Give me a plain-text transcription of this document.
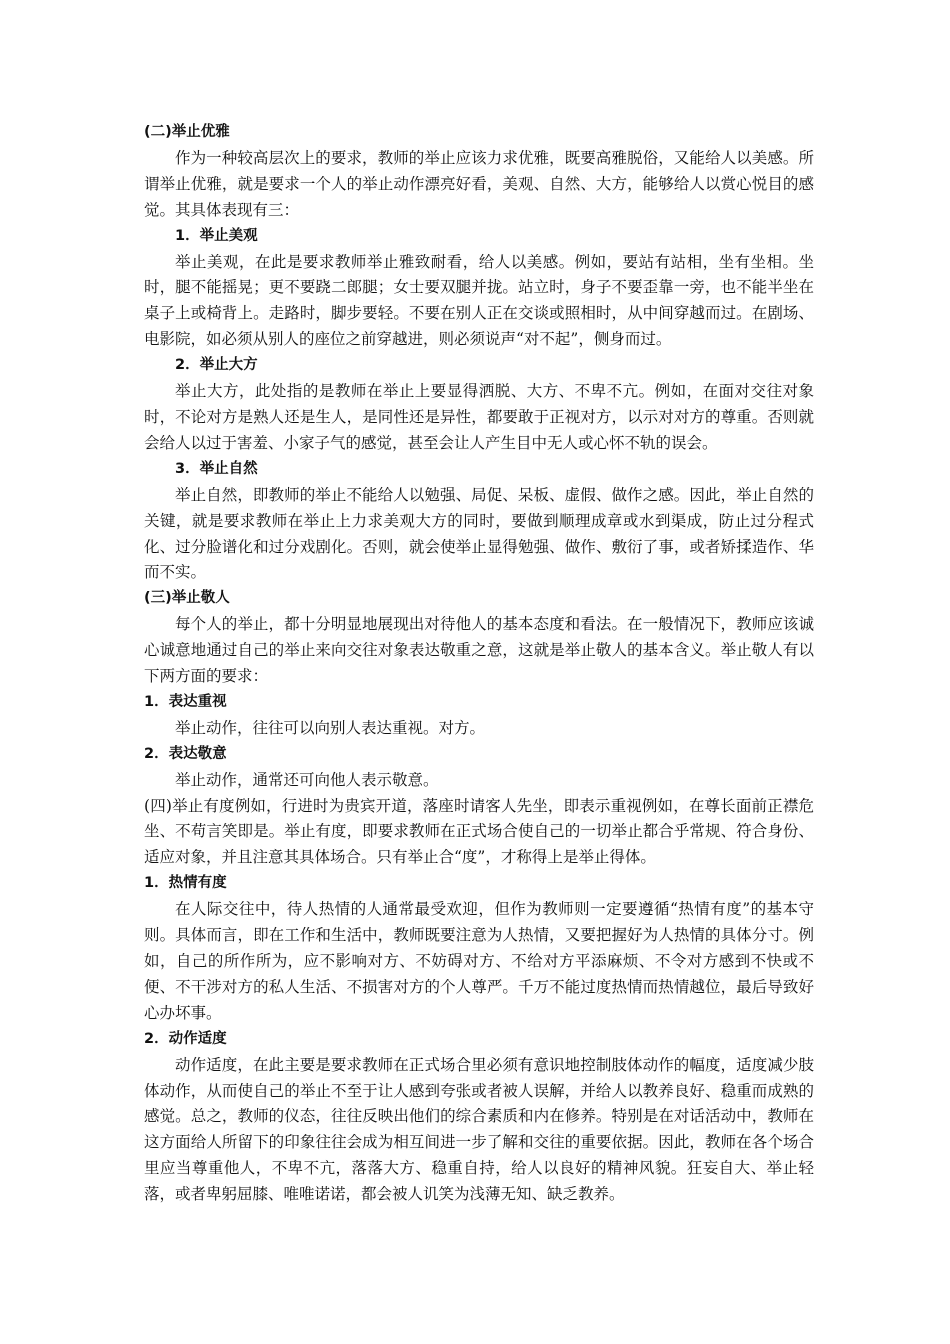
(二)举止优雅

作为一种较高层次上的要求，教师的举止应该力求优雅，既要高雅脱俗，又能给人以美感。所谓举止优雅，就是要求一个人的举止动作漂亮好看，美观、自然、大方，能够给人以赏心悦目的感觉。其具体表现有三：

1．举止美观

举止美观，在此是要求教师举止雅致耐看，给人以美感。例如，要站有站相，坐有坐相。坐时，腿不能摇晃；更不要跷二郎腿；女士要双腿并拢。站立时，身子不要歪靠一旁，也不能半坐在桌子上或椅背上。走路时，脚步要轻。不要在别人正在交谈或照相时，从中间穿越而过。在剧场、电影院，如必须从别人的座位之前穿越进，则必须说声“对不起”，侧身而过。

2．举止大方

举止大方，此处指的是教师在举止上要显得洒脱、大方、不卑不亢。例如，在面对交往对象时，不论对方是熟人还是生人，是同性还是异性，都要敢于正视对方，以示对对方的尊重。否则就会给人以过于害羞、小家子气的感觉，甚至会让人产生目中无人或心怀不轨的误会。

3．举止自然

举止自然，即教师的举止不能给人以勉强、局促、呆板、虚假、做作之感。因此，举止自然的关键，就是要求教师在举止上力求美观大方的同时，要做到顺理成章或水到渠成，防止过分程式化、过分脸谱化和过分戏剧化。否则，就会使举止显得勉强、做作、敷衍了事，或者矫揉造作、华而不实。

(三)举止敬人

每个人的举止，都十分明显地展现出对待他人的基本态度和看法。在一般情况下，教师应该诚心诚意地通过自己的举止来向交往对象表达敬重之意，这就是举止敬人的基本含义。举止敬人有以下两方面的要求：

1．表达重视

举止动作，往往可以向别人表达重视。对方。

2．表达敬意

举止动作，通常还可向他人表示敬意。

(四)举止有度例如，行进时为贵宾开道，落座时请客人先坐，即表示重视例如，在尊长面前正襟危坐、不苟言笑即是。举止有度，即要求教师在正式场合使自己的一切举止都合乎常规、符合身份、适应对象，并且注意其具体场合。只有举止合“度”，才称得上是举止得体。

1．热情有度

在人际交往中，待人热情的人通常最受欢迎，但作为教师则一定要遵循“热情有度”的基本守则。具体而言，即在工作和生活中，教师既要注意为人热情，又要把握好为人热情的具体分寸。例如，自己的所作所为，应不影响对方、不妨碍对方、不给对方平添麻烦、不令对方感到不快或不便、不干涉对方的私人生活、不损害对方的个人尊严。千万不能过度热情而热情越位，最后导致好心办坏事。

2．动作适度

动作适度，在此主要是要求教师在正式场合里必须有意识地控制肢体动作的幅度，适度减少肢体动作，从而使自己的举止不至于让人感到夸张或者被人误解，并给人以教养良好、稳重而成熟的感觉。总之，教师的仪态，往往反映出他们的综合素质和内在修养。特别是在对话活动中，教师在这方面给人所留下的印象往往会成为相互间进一步了解和交往的重要依据。因此，教师在各个场合里应当尊重他人，不卑不亢，落落大方、稳重自持，给人以良好的精神风貌。狂妄自大、举止轻落，或者卑躬屈膝、唯唯诺诺，都会被人讥笑为浅薄无知、缺乏教养。
